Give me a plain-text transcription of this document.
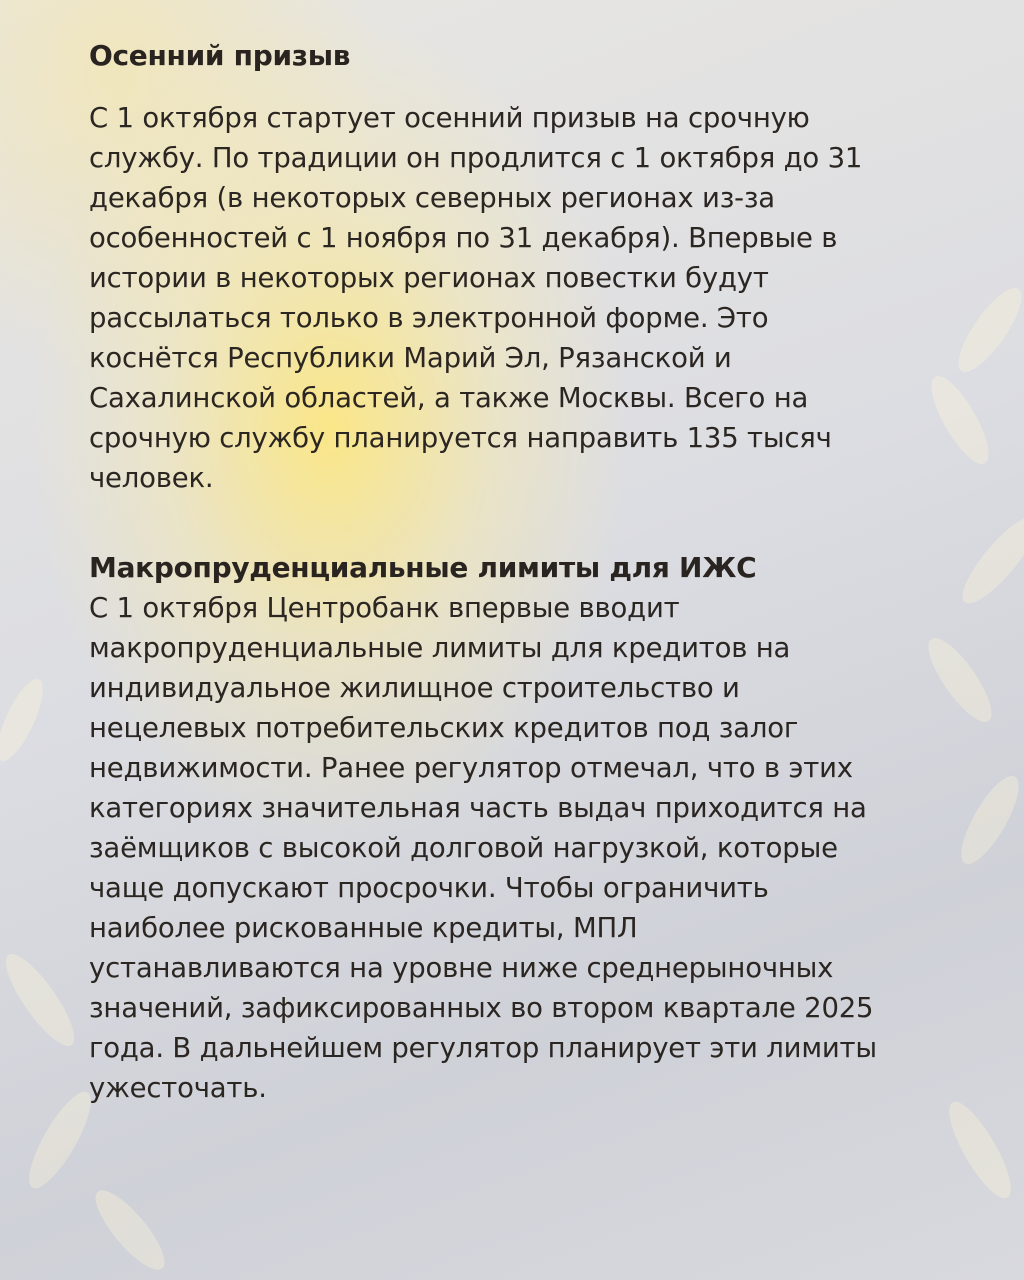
Осенний призыв
С 1 октября стартует осенний призыв на срочную
службу. По традиции он продлится с 1 октября до 31
декабря (в некоторых северных регионах из-за
особенностей с 1 ноября по 31 декабря). Впервые в
истории в некоторых регионах повестки будут
рассылаться только в электронной форме. Это
коснётся Республики Марий Эл, Рязанской и
Сахалинской областей, а также Москвы. Всего на
срочную службу планируется направить 135 тысяч
человек.
Макропруденциальные лимиты для ИЖС
С 1 октября Центробанк впервые вводит
макропруденциальные лимиты для кредитов на
индивидуальное жилищное строительство и
нецелевых потребительских кредитов под залог
недвижимости. Ранее регулятор отмечал, что в этих
категориях значительная часть выдач приходится на
заёмщиков с высокой долговой нагрузкой, которые
чаще допускают просрочки. Чтобы ограничить
наиболее рискованные кредиты, МПЛ
устанавливаются на уровне ниже среднерыночных
значений, зафиксированных во втором квартале 2025
года. В дальнейшем регулятор планирует эти лимиты
ужесточать.
